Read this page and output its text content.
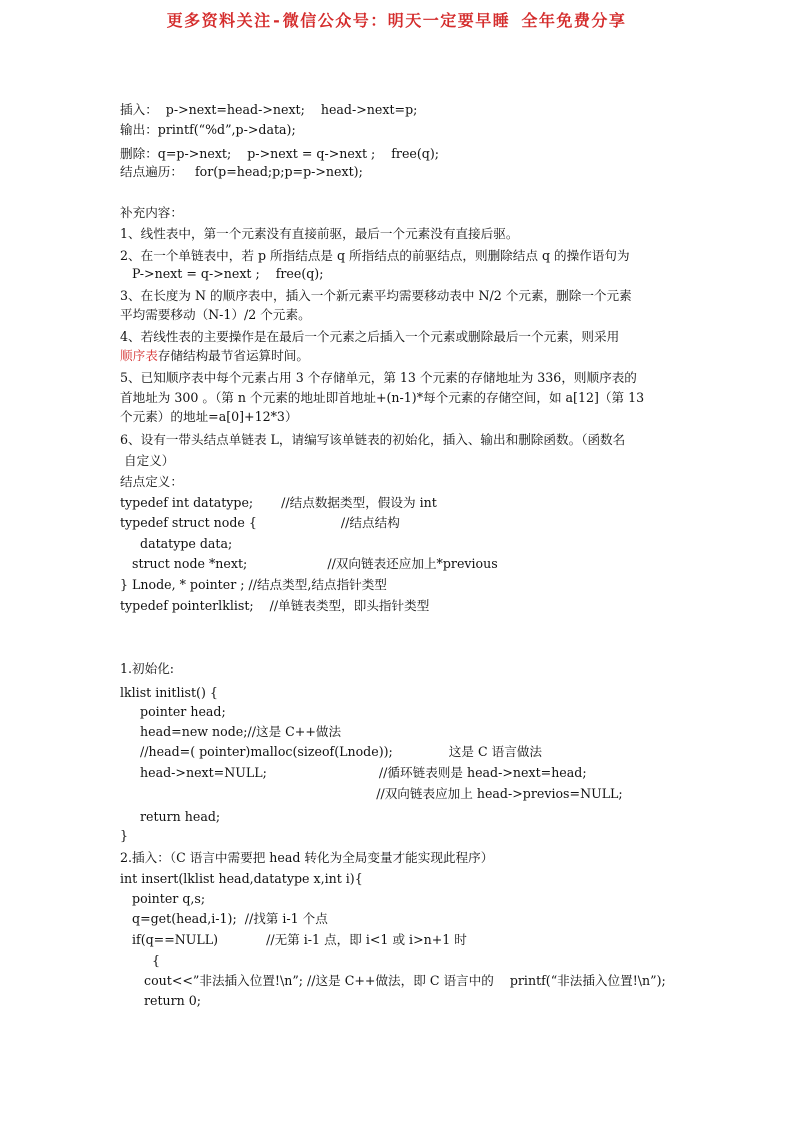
更多资料关注-微信公众号：明天一定要早睡 全年免费分享
插入：  p->next=head->next;    head->next=p;
输出：printf(“%d”,p->data);
删除：q=p->next;    p->next = q->next ;    free(q);
结点遍历：   for(p=head;p;p=p->next);
补充内容：
1、线性表中，第一个元素没有直接前驱，最后一个元素没有直接后驱。
2、在一个单链表中，若 p 所指结点是 q 所指结点的前驱结点，则删除结点 q 的操作语句为
P->next = q->next ;    free(q);
3、在长度为 N 的顺序表中，插入一个新元素平均需要移动表中 N/2 个元素，删除一个元素
平均需要移动（N-1）/2 个元素。
4、若线性表的主要操作是在最后一个元素之后插入一个元素或删除最后一个元素，则采用
顺序表存储结构最节省运算时间。
5、已知顺序表中每个元素占用 3 个存储单元，第 13 个元素的存储地址为 336，则顺序表的
首地址为 300 。（第 n 个元素的地址即首地址+(n-1)*每个元素的存储空间，如 a[12]（第 13
个元素）的地址=a[0]+12*3）
6、设有一带头结点单链表 L，请编写该单链表的初始化，插入、输出和删除函数。（函数名
自定义）
结点定义：
typedef int datatype;       //结点数据类型，假设为 int
typedef struct node {                     //结点结构
datatype data;
struct node *next;                    //双向链表还应加上*previous
} Lnode, * pointer ; //结点类型,结点指针类型
typedef pointerlklist;    //单链表类型，即头指针类型
1.初始化:
lklist initlist() {
pointer head;
head=new node;//这是 C++做法
//head=( pointer)malloc(sizeof(Lnode));              这是 C 语言做法
head->next=NULL;                            //循环链表则是 head->next=head;
//双向链表应加上 head->previos=NULL;
return head;
}
2.插入：（C 语言中需要把 head 转化为全局变量才能实现此程序）
int insert(lklist head,datatype x,int i){
pointer q,s;
q=get(head,i-1);  //找第 i-1 个点
if(q==NULL)            //无第 i-1 点，即 i<1 或 i>n+1 时
{
cout<<”非法插入位置!\n”; //这是 C++做法，即 C 语言中的    printf(“非法插入位置!\n”);
return 0;
